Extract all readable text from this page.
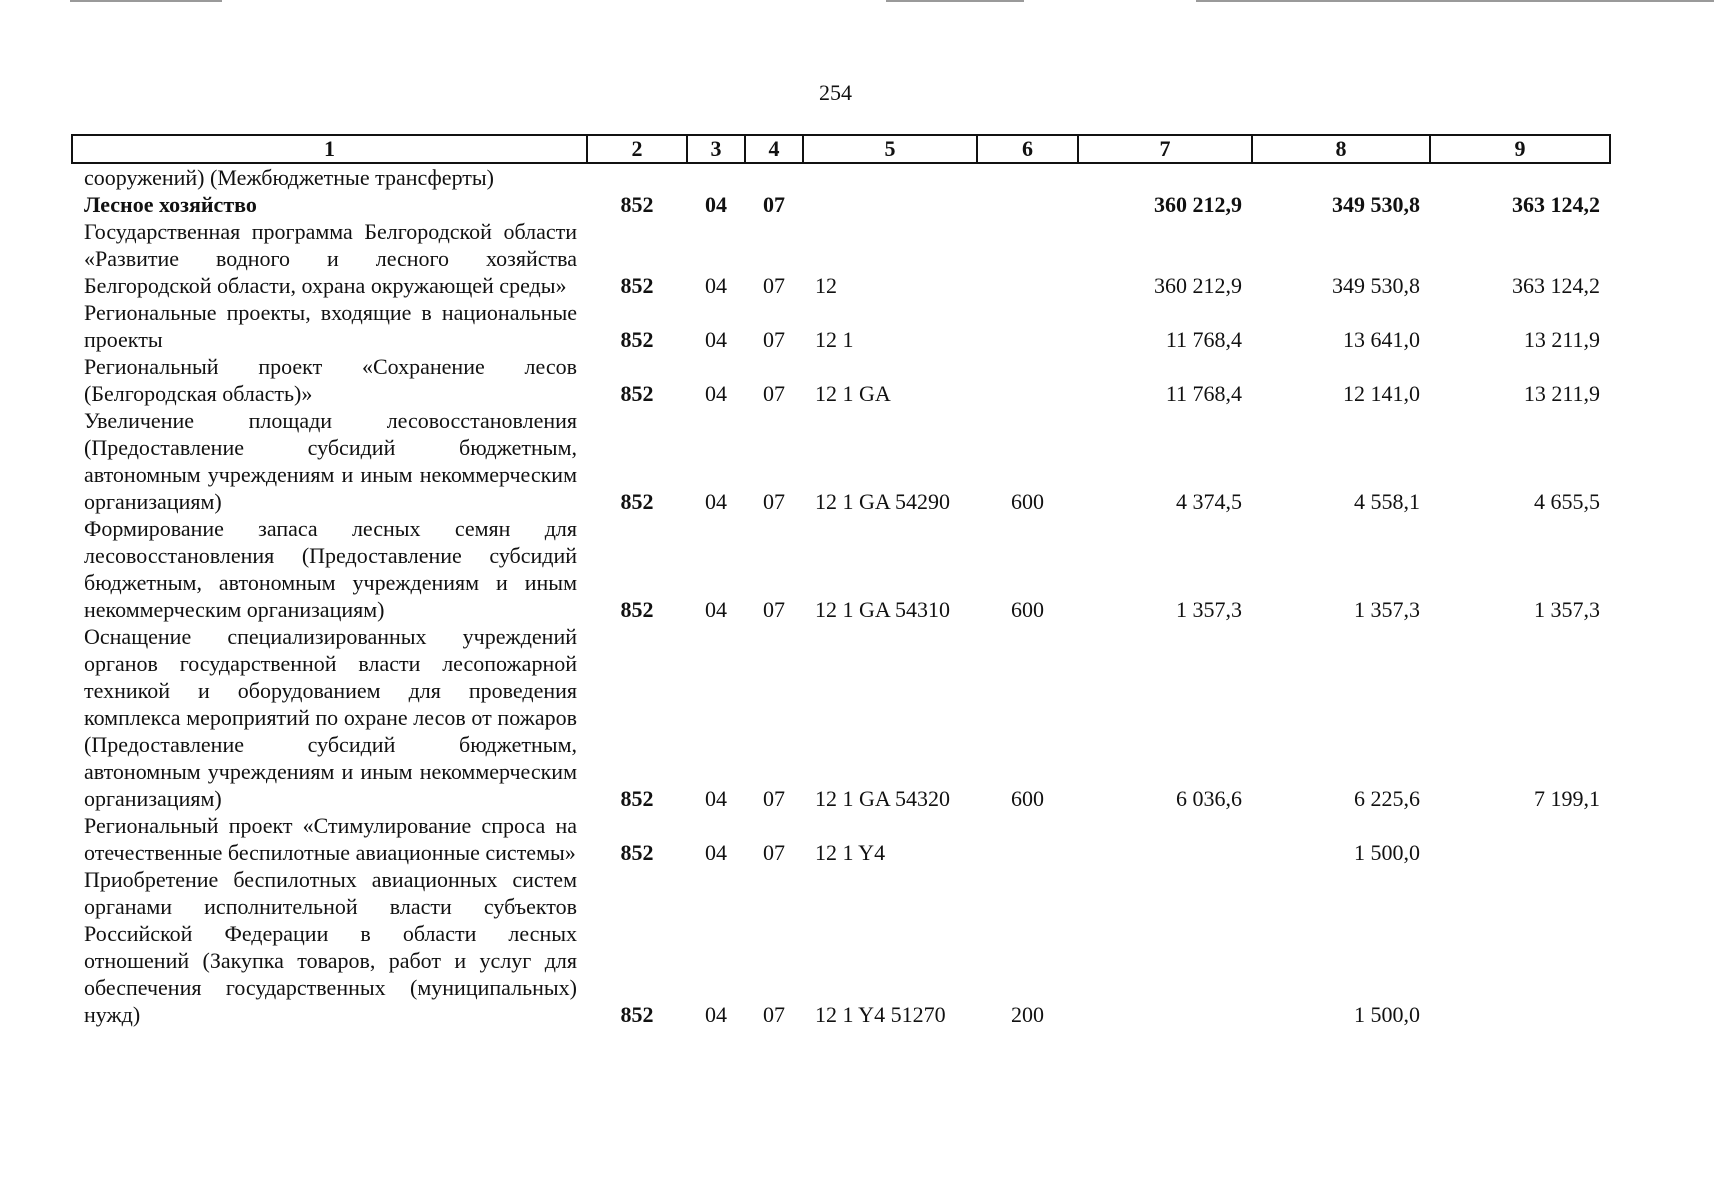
254
1	2	3	4	5	6	7	8	9
сооружений) (Межбюджетные трансферты)								
Лесное хозяйство	852	04	07			360 212,9	349 530,8	363 124,2
Государственная программа Белгородской области «Развитие водного и лесного хозяйства Белгородской области, охрана окружающей среды»	852	04	07	12		360 212,9	349 530,8	363 124,2
Региональные проекты, входящие в национальные проекты	852	04	07	12 1		11 768,4	13 641,0	13 211,9
Региональный проект «Сохранение лесов (Белгородская область)»	852	04	07	12 1 GA		11 768,4	12 141,0	13 211,9
Увеличение площади лесовосстановления (Предоставление субсидий бюджетным, автономным учреждениям и иным некоммерческим организациям)	852	04	07	12 1 GA 54290	600	4 374,5	4 558,1	4 655,5
Формирование запаса лесных семян для лесовосстановления (Предоставление субсидий бюджетным, автономным учреждениям и иным некоммерческим организациям)	852	04	07	12 1 GA 54310	600	1 357,3	1 357,3	1 357,3
Оснащение специализированных учреждений органов государственной власти лесопожарной техникой и оборудованием для проведения комплекса мероприятий по охране лесов от пожаров (Предоставление субсидий бюджетным, автономным учреждениям и иным некоммерческим организациям)	852	04	07	12 1 GA 54320	600	6 036,6	6 225,6	7 199,1
Региональный проект «Стимулирование спроса на отечественные беспилотные авиационные системы»	852	04	07	12 1 Y4			1 500,0	
Приобретение беспилотных авиационных систем органами исполнительной власти субъектов Российской Федерации в области лесных отношений (Закупка товаров, работ и услуг для обеспечения государственных (муниципальных) нужд)	852	04	07	12 1 Y4 51270	200		1 500,0	
